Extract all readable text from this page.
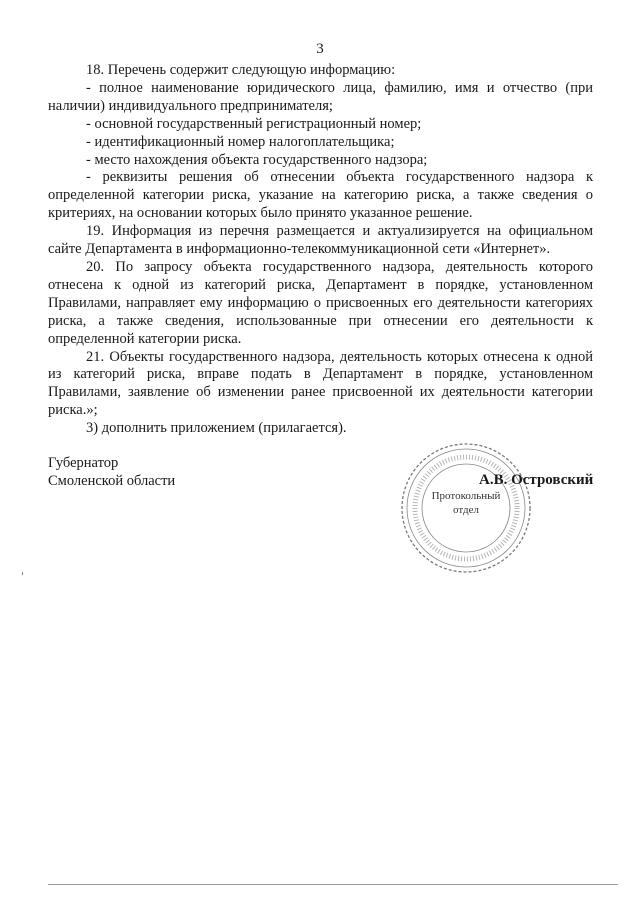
3

18. Перечень содержит следующую информацию:

- полное наименование юридического лица, фамилию, имя и отчество (при наличии) индивидуального предпринимателя;

- основной государственный регистрационный номер;

- идентификационный номер налогоплательщика;

- место нахождения объекта государственного надзора;

- реквизиты решения об отнесении объекта государственного надзора к определенной категории риска, указание на категорию риска, а также сведения о критериях, на основании которых было принято указанное решение.

19. Информация из перечня размещается и актуализируется на официальном сайте Департамента в информационно-телекоммуникационной сети «Интернет».

20. По запросу объекта государственного надзора, деятельность которого отнесена к одной из категорий риска, Департамент в порядке, установленном Правилами, направляет ему информацию о присвоенных его деятельности категориях риска, а также сведения, использованные при отнесении его деятельности к определенной категории риска.

21. Объекты государственного надзора, деятельность которых отнесена к одной из категорий риска, вправе подать в Департамент в порядке, установленном Правилами, заявление об изменении ранее присвоенной их деятельности категории риска.»;

3) дополнить приложением (прилагается).

Губернатор
Смоленской области
Протокольный
отдел
А.В. Островский
